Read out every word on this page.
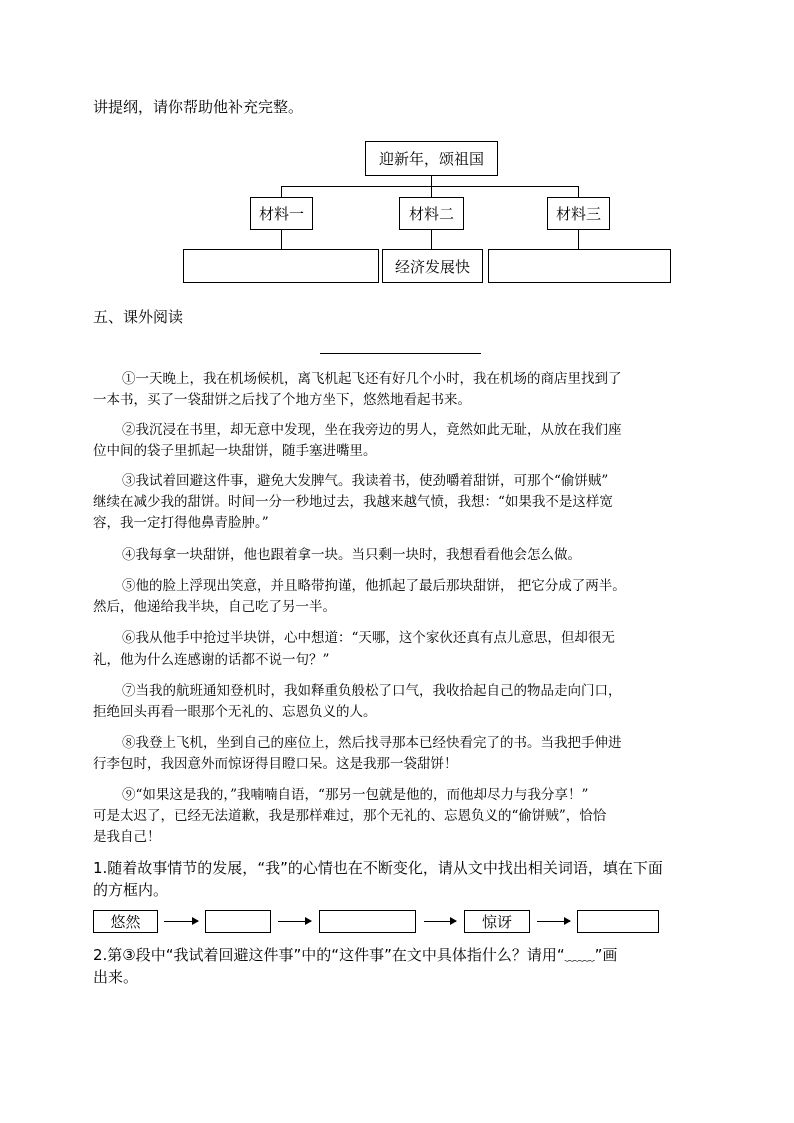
讲提纲，请你帮助他补充完整。
迎新年，颂祖国
材料一	材料二	材料三
经济发展快
五、课外阅读
①一天晚上，我在机场候机，离飞机起飞还有好几个小时，我在机场的商店里找到了
一本书，买了一袋甜饼之后找了个地方坐下，悠然地看起书来。
②我沉浸在书里，却无意中发现，坐在我旁边的男人，竟然如此无耻，从放在我们座
位中间的袋子里抓起一块甜饼，随手塞进嘴里。
③我试着回避这件事，避免大发脾气。我读着书，使劲嚼着甜饼，可那个“偷饼贼”
继续在减少我的甜饼。时间一分一秒地过去，我越来越气愤，我想：“如果我不是这样宽
容，我一定打得他鼻青脸肿。”
④我每拿一块甜饼，他也跟着拿一块。当只剩一块时，我想看看他会怎么做。
⑤他的脸上浮现出笑意，并且略带拘谨，他抓起了最后那块甜饼， 把它分成了两半。
然后，他递给我半块，自己吃了另一半。
⑥我从他手中抢过半块饼，心中想道：“天哪，这个家伙还真有点儿意思，但却很无
礼，他为什么连感谢的话都不说一句？”
⑦当我的航班通知登机时，我如释重负般松了口气，我收拾起自己的物品走向门口，
拒绝回头再看一眼那个无礼的、忘恩负义的人。
⑧我登上飞机，坐到自己的座位上，然后找寻那本已经快看完了的书。当我把手伸进
行李包时，我因意外而惊讶得目瞪口呆。这是我那一袋甜饼！
⑨“如果这是我的，”我喃喃自语，“那另一包就是他的，而他却尽力与我分享！”
可是太迟了，已经无法道歉，我是那样难过，那个无礼的、忘恩负义的“偷饼贼”，恰恰
是我自己！
1.随着故事情节的发展，“我”的心情也在不断变化，请从文中找出相关词语，填在下面
的方框内。
悠然	惊讶
2.第③段中“我试着回避这件事”中的“这件事”在文中具体指什么？请用“﹏﹏”画
出来。
